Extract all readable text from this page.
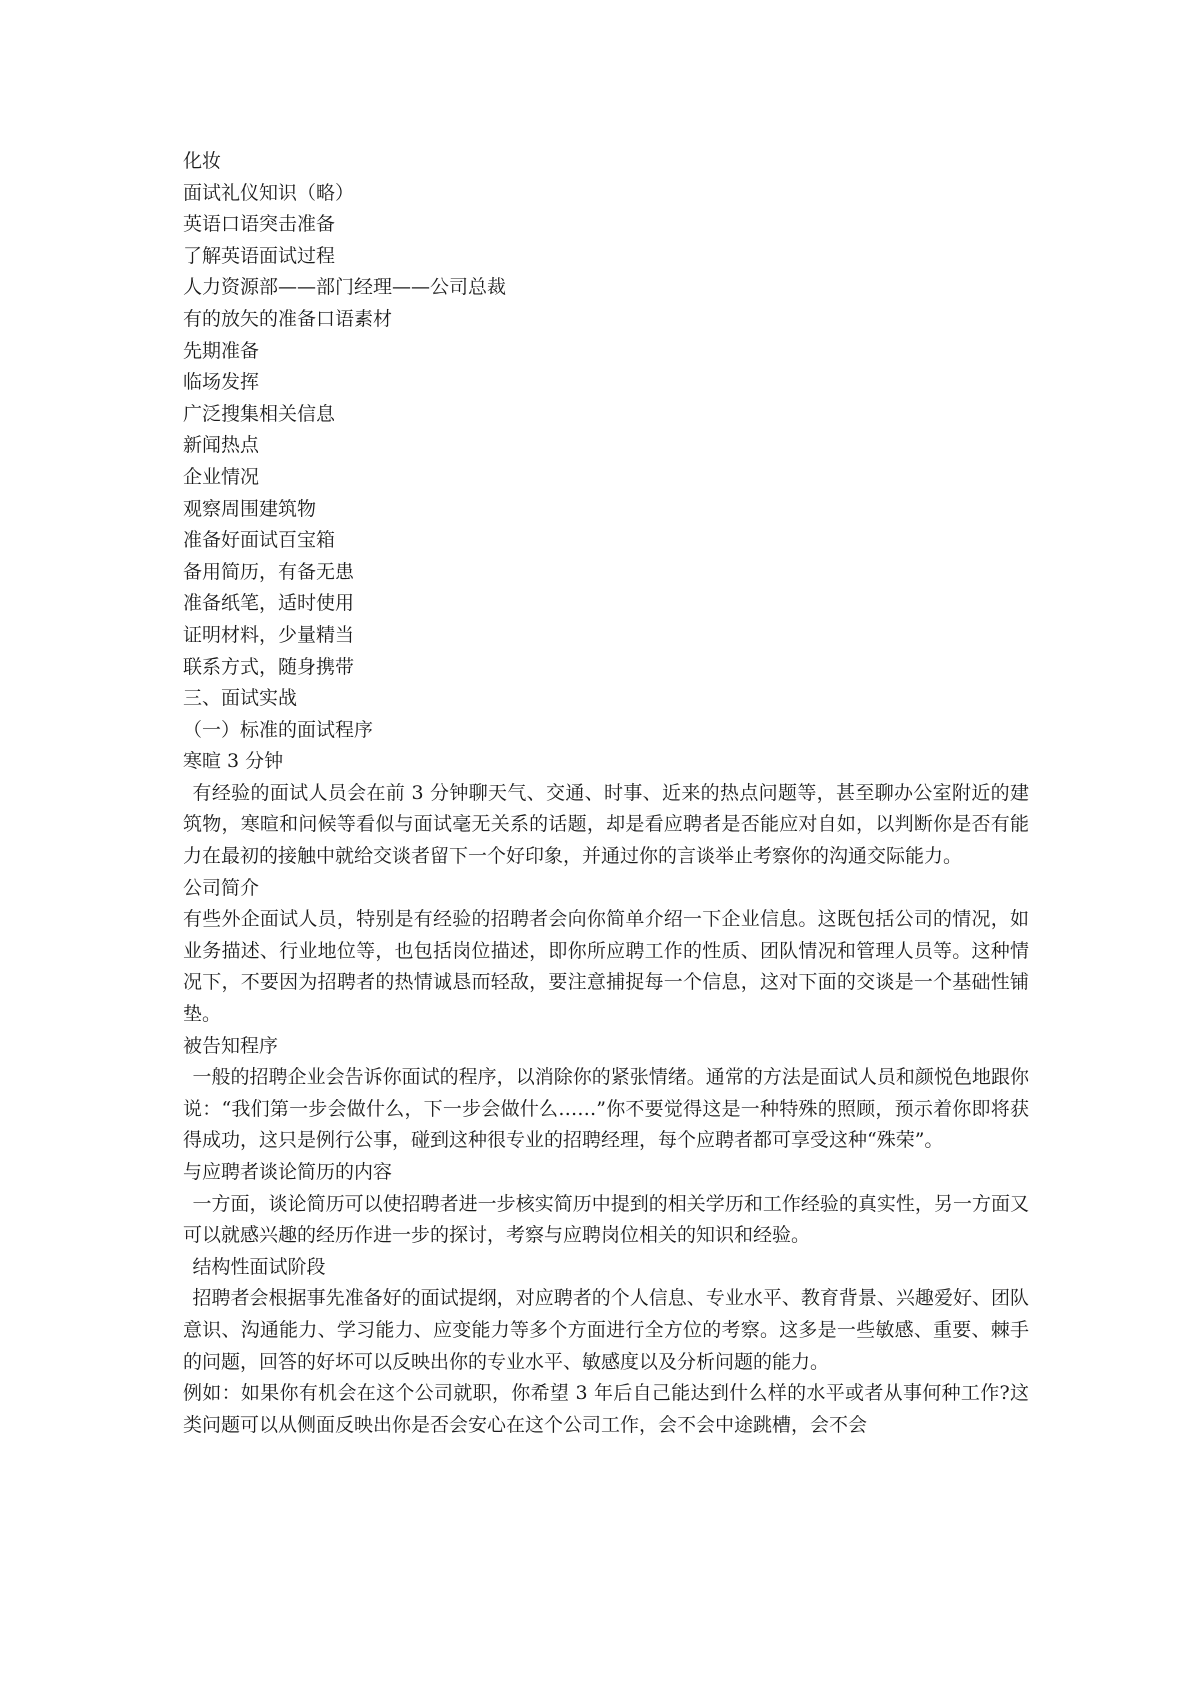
化妆
面试礼仪知识（略）
英语口语突击准备
了解英语面试过程
人力资源部——部门经理——公司总裁
有的放矢的准备口语素材
先期准备
临场发挥
广泛搜集相关信息
新闻热点
企业情况
观察周围建筑物
准备好面试百宝箱
备用简历，有备无患
准备纸笔，适时使用
证明材料，少量精当
联系方式，随身携带
三、面试实战
（一）标准的面试程序
寒暄 3 分钟

有经验的面试人员会在前 3 分钟聊天气、交通、时事、近来的热点问题等，甚至聊办公室附近的建筑物，寒暄和问候等看似与面试毫无关系的话题，却是看应聘者是否能应对自如，以判断你是否有能力在最初的接触中就给交谈者留下一个好印象，并通过你的言谈举止考察你的沟通交际能力。

公司简介

有些外企面试人员，特别是有经验的招聘者会向你简单介绍一下企业信息。这既包括公司的情况，如业务描述、行业地位等，也包括岗位描述，即你所应聘工作的性质、团队情况和管理人员等。这种情况下，不要因为招聘者的热情诚恳而轻敌，要注意捕捉每一个信息，这对下面的交谈是一个基础性铺垫。

被告知程序

一般的招聘企业会告诉你面试的程序，以消除你的紧张情绪。通常的方法是面试人员和颜悦色地跟你说：“我们第一步会做什么，下一步会做什么……”你不要觉得这是一种特殊的照顾，预示着你即将获得成功，这只是例行公事，碰到这种很专业的招聘经理，每个应聘者都可享受这种“殊荣”。

与应聘者谈论简历的内容

一方面，谈论简历可以使招聘者进一步核实简历中提到的相关学历和工作经验的真实性，另一方面又可以就感兴趣的经历作进一步的探讨，考察与应聘岗位相关的知识和经验。

结构性面试阶段

招聘者会根据事先准备好的面试提纲，对应聘者的个人信息、专业水平、教育背景、兴趣爱好、团队意识、沟通能力、学习能力、应变能力等多个方面进行全方位的考察。这多是一些敏感、重要、棘手的问题，回答的好坏可以反映出你的专业水平、敏感度以及分析问题的能力。

例如：如果你有机会在这个公司就职，你希望 3 年后自己能达到什么样的水平或者从事何种工作?这类问题可以从侧面反映出你是否会安心在这个公司工作，会不会中途跳槽，会不会
